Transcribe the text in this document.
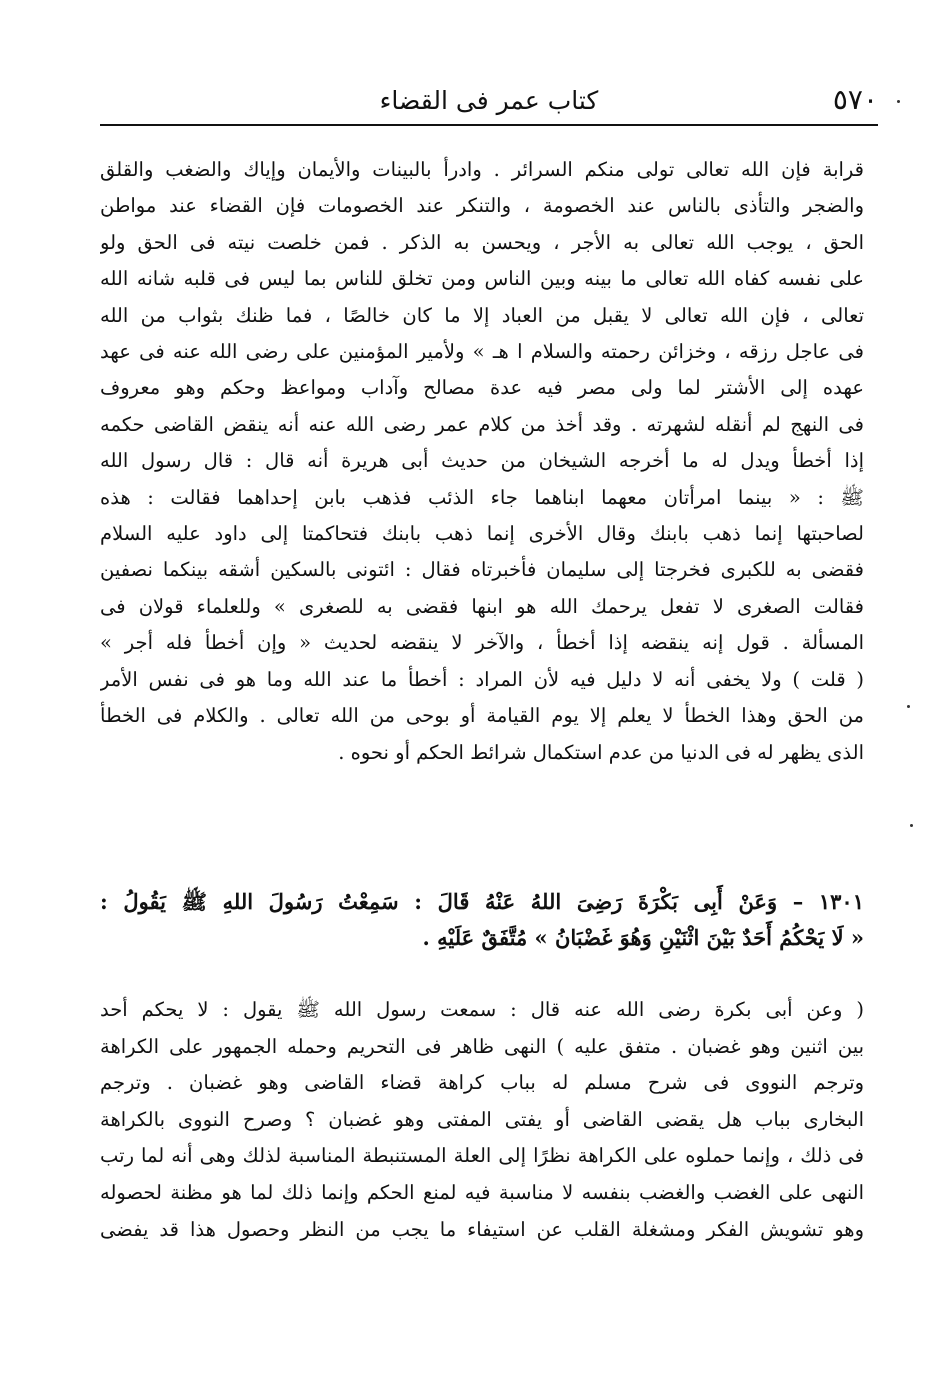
٥٧٠
كتاب عمر فى القضاء
قرابة فإن الله تعالى تولى منكم السرائر . وادرأ بالبينات والأيمان وإياك والضغب والقلق
والضجر والتأذى بالناس عند الخصومة ، والتنكر عند الخصومات فإن القضاء عند مواطن
الحق ، يوجب الله تعالى به الأجر ، ويحسن به الذكر . فمن خلصت نيته فى الحق ولو
على نفسه كفاه الله تعالى ما بينه وبين الناس ومن تخلق للناس بما ليس فى قلبه شانه الله
تعالى ، فإن الله تعالى لا يقبل من العباد إلا ما كان خالصًا ، فما ظنك بثواب من الله
فى عاجل رزقه ، وخزائن رحمته والسلام ا هـ » ولأمير المؤمنين على رضى الله عنه فى عهد
عهده إلى الأشتر لما ولى مصر فيه عدة مصالح وآداب ومواعظ وحكم وهو معروف
فى النهج لم أنقله لشهرته . وقد أخذ من كلام عمر رضى الله عنه أنه ينقض القاضى حكمه
إذا أخطأ ويدل له ما أخرجه الشيخان من حديث أبى هريرة أنه قال : قال رسول الله
ﷺ : « بينما امرأتان معهما ابناهما جاء الذئب فذهب بابن إحداهما فقالت : هذه
لصاحبتها إنما ذهب بابنك وقال الأخرى إنما ذهب بابنك فتحاكمتا إلى داود عليه السلام
فقضى به للكبرى فخرجتا إلى سليمان فأخبرتاه فقال : ائتونى بالسكين أشقه بينكما نصفين
فقالت الصغرى لا تفعل يرحمك الله هو ابنها فقضى به للصغرى » وللعلماء قولان فى
المسألة . قول إنه ينقضه إذا أخطأ ، والآخر لا ينقضه لحديث « وإن أخطأ فله أجر »
( قلت ) ولا يخفى أنه لا دليل فيه لأن المراد : أخطأ ما عند الله وما هو فى نفس الأمر
من الحق وهذا الخطأ لا يعلم إلا يوم القيامة أو بوحى من الله تعالى . والكلام فى الخطأ
الذى يظهر له فى الدنيا من عدم استكمال شرائط الحكم أو نحوه .
١٣٠١ – وَعَنْ أَبِى بَكْرَةَ رَضِىَ اللهُ عَنْهُ قَالَ : سَمِعْتُ رَسُولَ اللهِ ﷺ يَقُولُ :
« لَا يَحْكُمُ أَحَدٌ بَيْنَ اثْنَيْنِ وَهُوَ غَضْبَانُ » مُتَّفَقٌ عَلَيْهِ .
( وعن أبى بكرة رضى الله عنه قال : سمعت رسول الله ﷺ يقول : لا يحكم أحد
بين اثنين وهو غضبان . متفق عليه ) النهى ظاهر فى التحريم وحمله الجمهور على الكراهة
وترجم النووى فى شرح مسلم له بباب كراهة قضاء القاضى وهو غضبان . وترجم
البخارى بباب هل يقضى القاضى أو يفتى المفتى وهو غضبان ؟ وصرح النووى بالكراهة
فى ذلك ، وإنما حملوه على الكراهة نظرًا إلى العلة المستنبطة المناسبة لذلك وهى أنه لما رتب
النهى على الغضب والغضب بنفسه لا مناسبة فيه لمنع الحكم وإنما ذلك لما هو مظنة لحصوله
وهو تشويش الفكر ومشغلة القلب عن استيفاء ما يجب من النظر وحصول هذا قد يفضى
